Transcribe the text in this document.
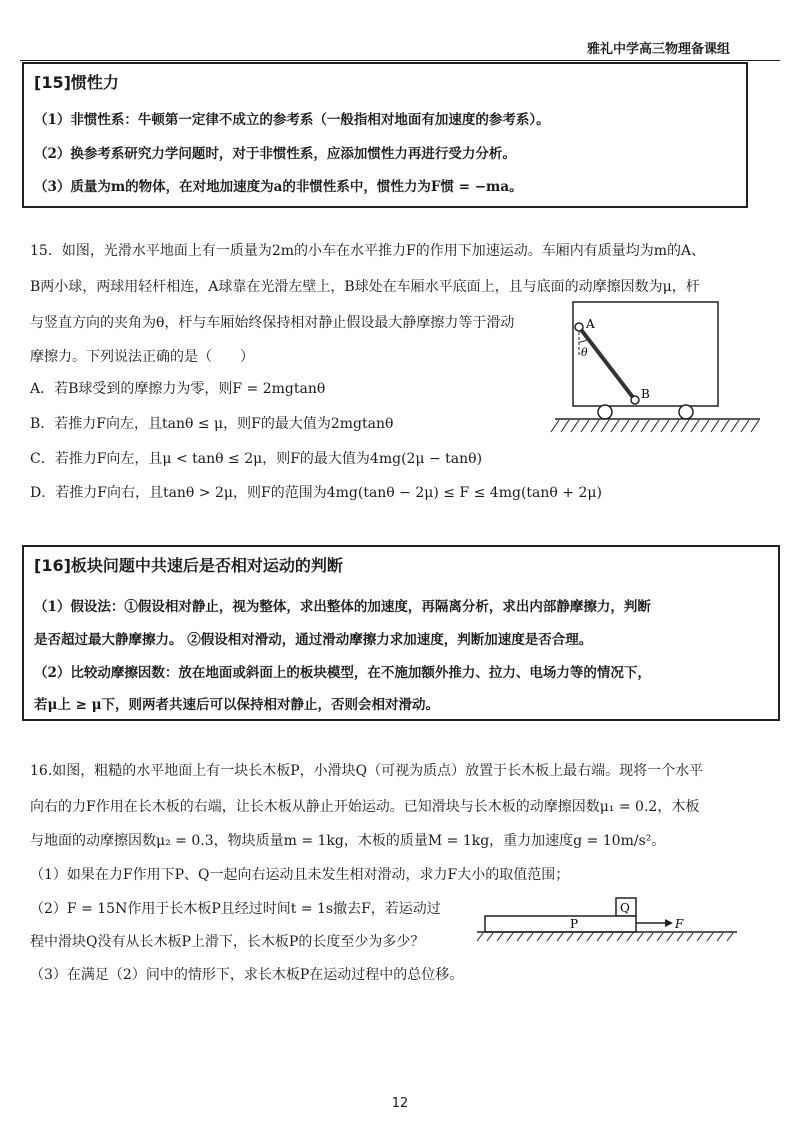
雅礼中学高三物理备课组
[15]惯性力
（1）非惯性系：牛顿第一定律不成立的参考系（一般指相对地面有加速度的参考系）。
（2）换参考系研究力学问题时，对于非惯性系，应添加惯性力再进行受力分析。
（3）质量为m的物体，在对地加速度为a的非惯性系中，惯性力为F惯 = −ma。
15．如图，光滑水平地面上有一质量为2m的小车在水平推力F的作用下加速运动。车厢内有质量均为m的A、
B两小球，两球用轻杆相连，A球靠在光滑左壁上，B球处在车厢水平底面上，且与底面的动摩擦因数为μ，杆
与竖直方向的夹角为θ，杆与车厢始终保持相对静止假设最大静摩擦力等于滑动
摩擦力。下列说法正确的是（　　）
A．若B球受到的摩擦力为零，则F = 2mgtanθ
B．若推力F向左，且tanθ ≤ μ，则F的最大值为2mgtanθ
C．若推力F向左，且μ < tanθ ≤ 2μ，则F的最大值为4mg(2μ − tanθ)
D．若推力F向右，且tanθ > 2μ，则F的范围为4mg(tanθ − 2μ) ≤ F ≤ 4mg(tanθ + 2μ)
A
θ
B
[16]板块问题中共速后是否相对运动的判断
（1）假设法：①假设相对静止，视为整体，求出整体的加速度，再隔离分析，求出内部静摩擦力，判断
是否超过最大静摩擦力。 ②假设相对滑动，通过滑动摩擦力求加速度，判断加速度是否合理。
（2）比较动摩擦因数：放在地面或斜面上的板块模型，在不施加额外推力、拉力、电场力等的情况下，
若μ上 ≥ μ下，则两者共速后可以保持相对静止，否则会相对滑动。
16.如图，粗糙的水平地面上有一块长木板P，小滑块Q（可视为质点）放置于长木板上最右端。现将一个水平
向右的力F作用在长木板的右端，让长木板从静止开始运动。已知滑块与长木板的动摩擦因数μ₁ = 0.2，木板
与地面的动摩擦因数μ₂ = 0.3，物块质量m = 1kg，木板的质量M = 1kg，重力加速度g = 10m/s²。
（1）如果在力F作用下P、Q一起向右运动且未发生相对滑动，求力F大小的取值范围；
（2）F = 15N作用于长木板P且经过时间t = 1s撤去F，若运动过
程中滑块Q没有从长木板P上滑下，长木板P的长度至少为多少？
（3）在满足（2）问中的情形下，求长木板P在运动过程中的总位移。
Q
P	F
12
